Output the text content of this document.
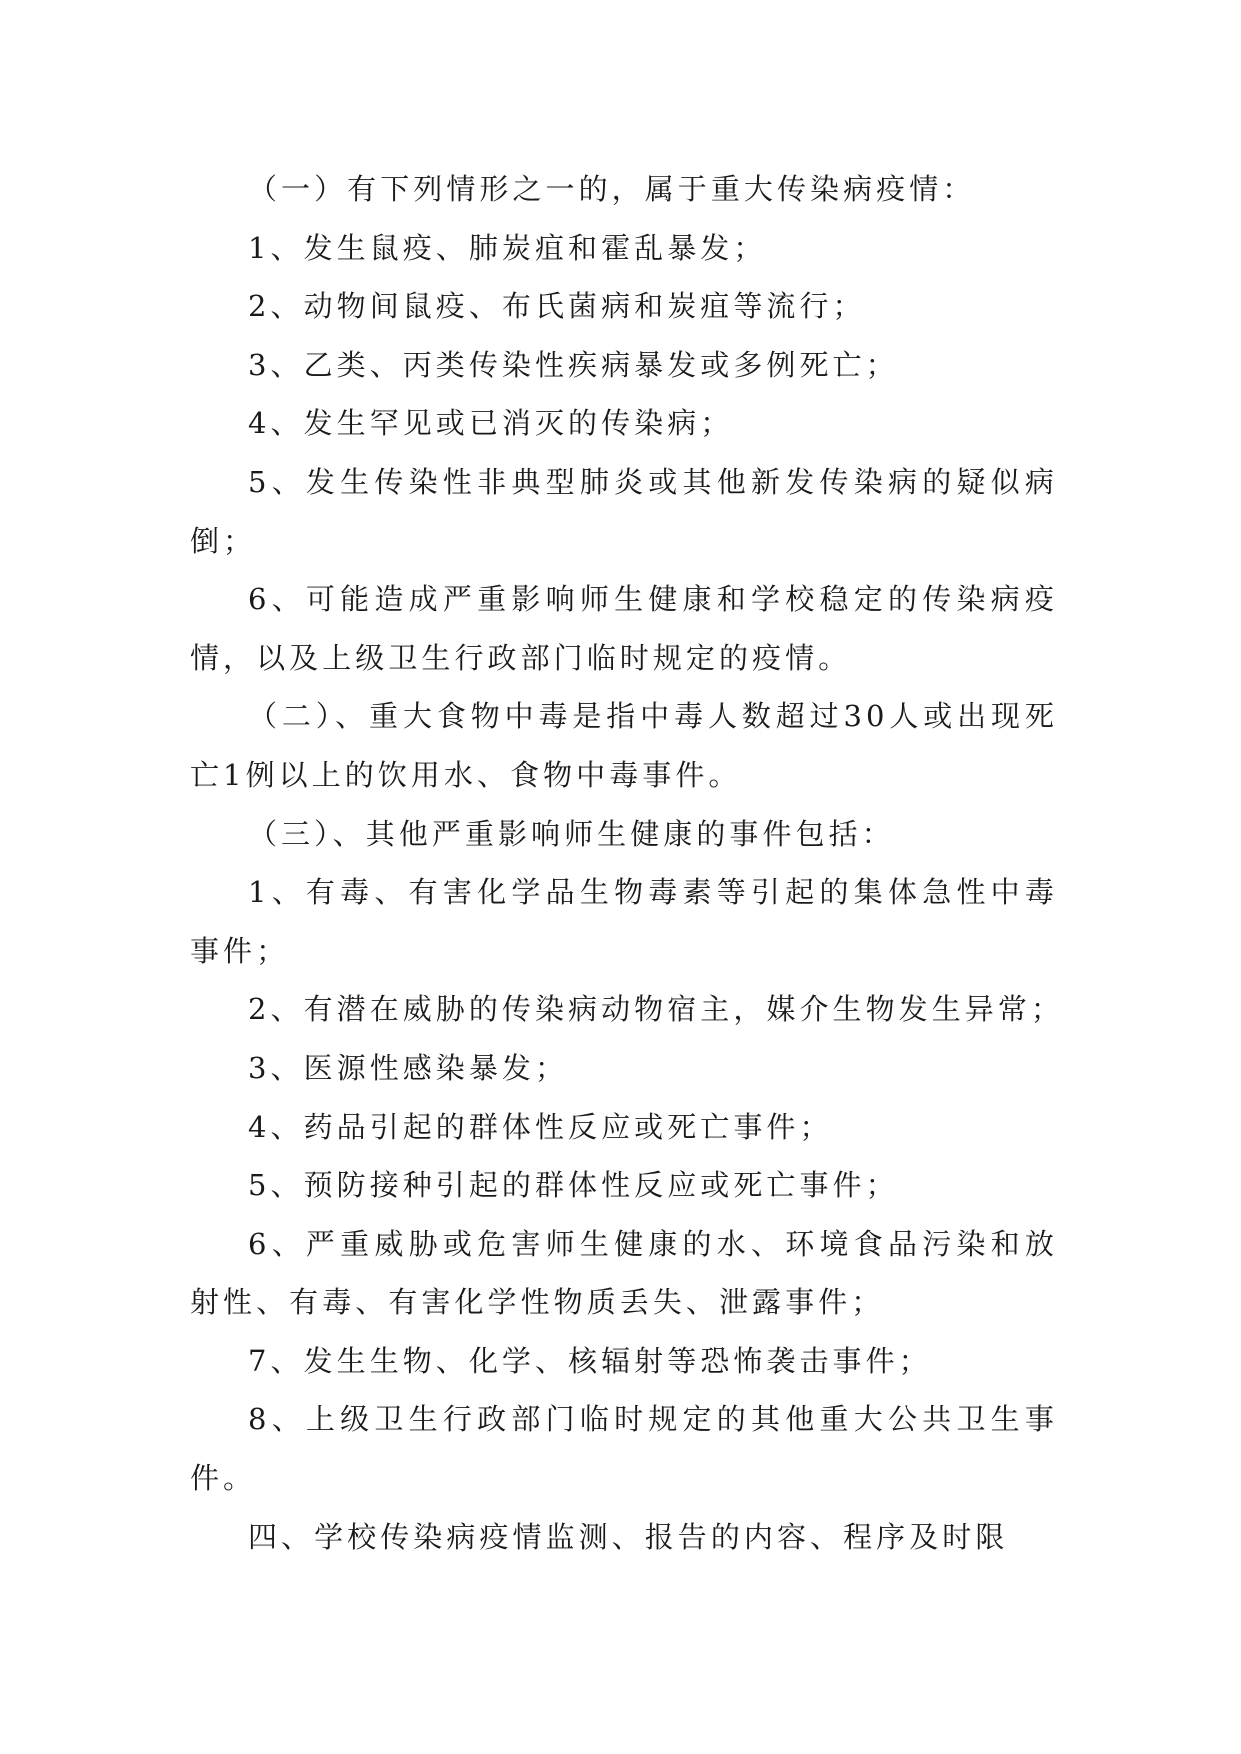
（一）有下列情形之一的，属于重大传染病疫情：

1、发生鼠疫、肺炭疽和霍乱暴发；

2、动物间鼠疫、布氏菌病和炭疽等流行；

3、乙类、丙类传染性疾病暴发或多例死亡；

4、发生罕见或已消灭的传染病；

5、发生传染性非典型肺炎或其他新发传染病的疑似病倒；

6、可能造成严重影响师生健康和学校稳定的传染病疫情，以及上级卫生行政部门临时规定的疫情。

（二）、重大食物中毒是指中毒人数超过30人或出现死亡1例以上的饮用水、食物中毒事件。

（三）、其他严重影响师生健康的事件包括：

1、有毒、有害化学品生物毒素等引起的集体急性中毒事件；

2、有潜在威胁的传染病动物宿主，媒介生物发生异常；

3、医源性感染暴发；

4、药品引起的群体性反应或死亡事件；

5、预防接种引起的群体性反应或死亡事件；

6、严重威胁或危害师生健康的水、环境食品污染和放射性、有毒、有害化学性物质丢失、泄露事件；

7、发生生物、化学、核辐射等恐怖袭击事件；

8、上级卫生行政部门临时规定的其他重大公共卫生事件。

四、学校传染病疫情监测、报告的内容、程序及时限
